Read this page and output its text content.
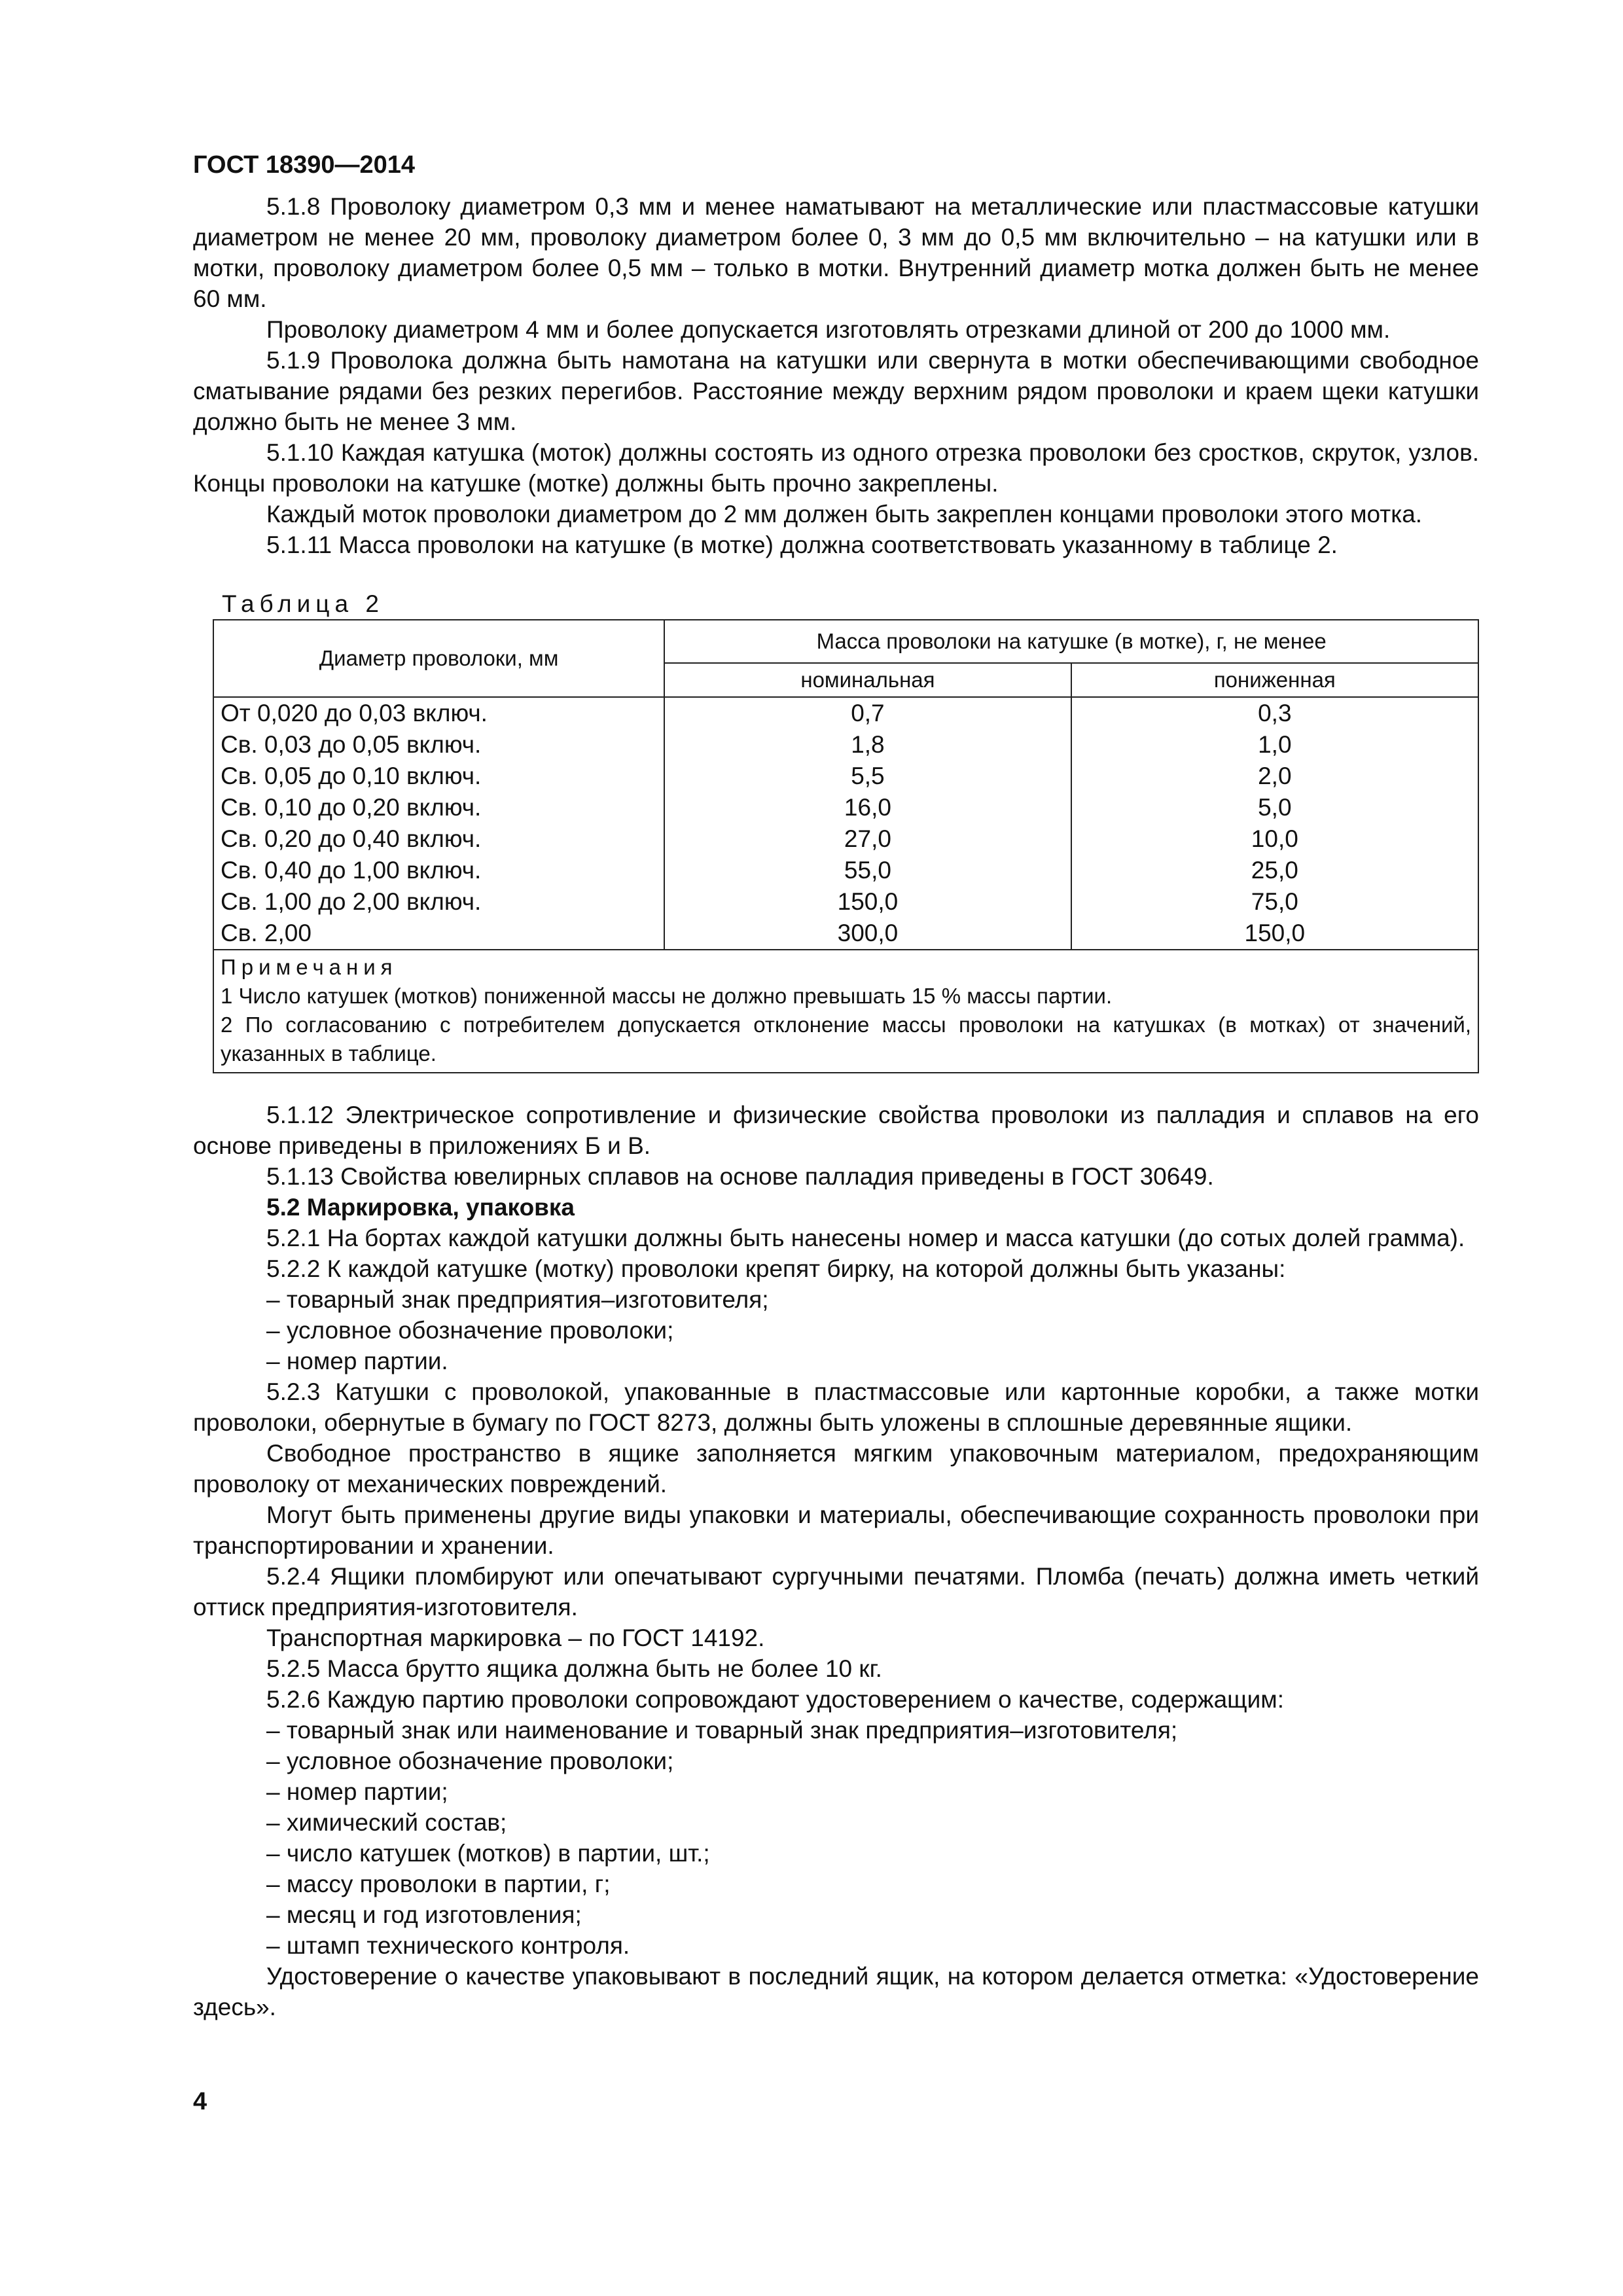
ГОСТ 18390—2014

5.1.8 Проволоку диаметром 0,3 мм и менее наматывают на металлические или пластмассовые катушки диаметром не менее 20 мм, проволоку диаметром более 0, 3 мм до 0,5 мм включительно – на катушки или в мотки, проволоку диаметром более 0,5 мм – только в мотки. Внутренний диаметр мотка должен быть не менее 60 мм.

Проволоку диаметром 4 мм и более допускается изготовлять отрезками длиной от 200 до 1000 мм.

5.1.9 Проволока должна быть намотана на катушки или свернута в мотки обеспечивающими свободное сматывание рядами без резких перегибов. Расстояние между верхним рядом проволоки и краем щеки катушки должно быть не менее 3 мм.

5.1.10 Каждая катушка (моток) должны состоять из одного отрезка проволоки без сростков, скруток, узлов. Концы проволоки на катушке (мотке) должны быть прочно закреплены.

Каждый моток проволоки диаметром до 2 мм должен быть закреплен концами проволоки этого мотка.

5.1.11 Масса проволоки на катушке (в мотке) должна соответствовать указанному в таблице 2.

Таблица 2
Диаметр проволоки, мм	Масса проволоки на катушке (в мотке), г, не менее	
	номинальная	пониженная
От 0,020 до 0,03 включ.	0,7	0,3
Св. 0,03 до 0,05 включ.	1,8	1,0
Св. 0,05 до 0,10 включ.	5,5	2,0
Св. 0,10 до 0,20 включ.	16,0	5,0
Св. 0,20 до 0,40 включ.	27,0	10,0
Св. 0,40 до 1,00 включ.	55,0	25,0
Св. 1,00 до 2,00 включ.	150,0	75,0
Св. 2,00	300,0	150,0

Примечания
1 Число катушек (мотков) пониженной массы не должно превышать 15 % массы партии.
2 По согласованию с потребителем допускается отклонение массы проволоки на катушках (в мотках) от значений, указанных в таблице.		

5.1.12 Электрическое сопротивление и физические свойства проволоки из палладия и сплавов на его основе приведены в приложениях Б и В.

5.1.13 Свойства ювелирных сплавов на основе палладия приведены в ГОСТ 30649.

5.2 Маркировка, упаковка

5.2.1 На бортах каждой катушки должны быть нанесены номер и масса катушки (до сотых долей грамма).

5.2.2 К каждой катушке (мотку) проволоки крепят бирку, на которой должны быть указаны:

– товарный знак предприятия–изготовителя;

– условное обозначение проволоки;

– номер партии.

5.2.3 Катушки с проволокой, упакованные в пластмассовые или картонные коробки, а также мотки проволоки, обернутые в бумагу по ГОСТ 8273, должны быть уложены в сплошные деревянные ящики.

Свободное пространство в ящике заполняется мягким упаковочным материалом, предохраняющим проволоку от механических повреждений.

Могут быть применены другие виды упаковки и материалы, обеспечивающие сохранность проволоки при транспортировании и хранении.

5.2.4 Ящики пломбируют или опечатывают сургучными печатями. Пломба (печать) должна иметь четкий оттиск предприятия-изготовителя.

Транспортная маркировка – по ГОСТ 14192.

5.2.5 Масса брутто ящика должна быть не более 10 кг.

5.2.6 Каждую партию проволоки сопровождают удостоверением о качестве, содержащим:

– товарный знак или наименование и товарный знак предприятия–изготовителя;

– условное обозначение проволоки;

– номер партии;

– химический состав;

– число катушек (мотков) в партии, шт.;

– массу проволоки в партии, г;

– месяц и год изготовления;

– штамп технического контроля.

Удостоверение о качестве упаковывают в последний ящик, на котором делается отметка: «Удостоверение здесь».

4
